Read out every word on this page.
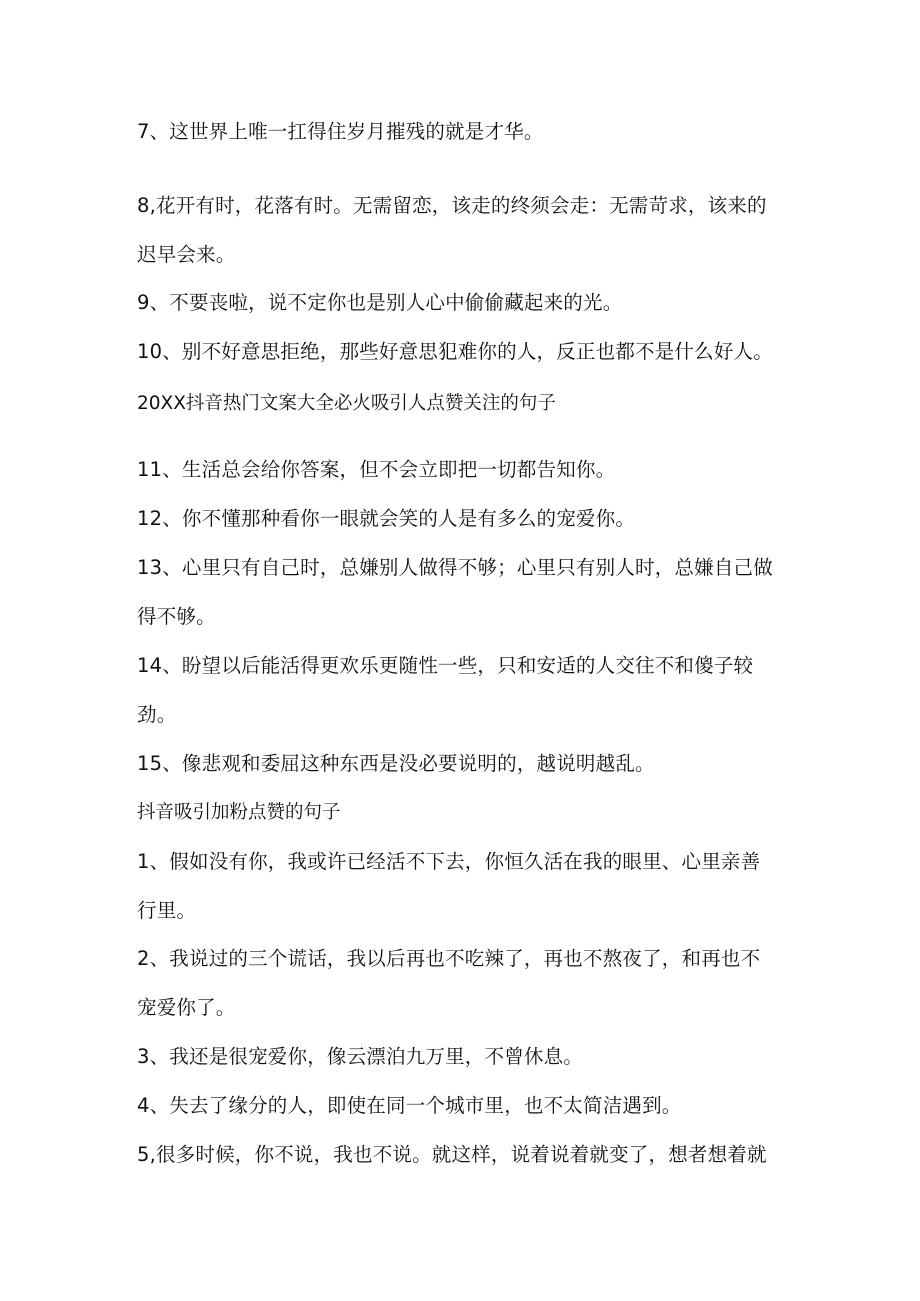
7、这世界上唯一扛得住岁月摧残的就是才华。
8,花开有时，花落有时。无需留恋，该走的终须会走：无需苛求，该来的
迟早会来。
9、不要丧啦，说不定你也是别人心中偷偷藏起来的光。
10、别不好意思拒绝，那些好意思犯难你的人，反正也都不是什么好人。
20XX抖音热门文案大全必火吸引人点赞关注的句子
11、生活总会给你答案，但不会立即把一切都告知你。
12、你不懂那种看你一眼就会笑的人是有多么的宠爱你。
13、心里只有自己时，总嫌别人做得不够；心里只有别人时，总嫌自己做
得不够。
14、盼望以后能活得更欢乐更随性一些，只和安适的人交往不和傻子较
劲。
15、像悲观和委屈这种东西是没必要说明的，越说明越乱。
抖音吸引加粉点赞的句子
1、假如没有你，我或许已经活不下去，你恒久活在我的眼里、心里亲善
行里。
2、我说过的三个谎话，我以后再也不吃辣了，再也不熬夜了，和再也不
宠爱你了。
3、我还是很宠爱你，像云漂泊九万里，不曾休息。
4、失去了缘分的人，即使在同一个城市里，也不太简洁遇到。
5,很多时候，你不说，我也不说。就这样，说着说着就变了，想者想着就
